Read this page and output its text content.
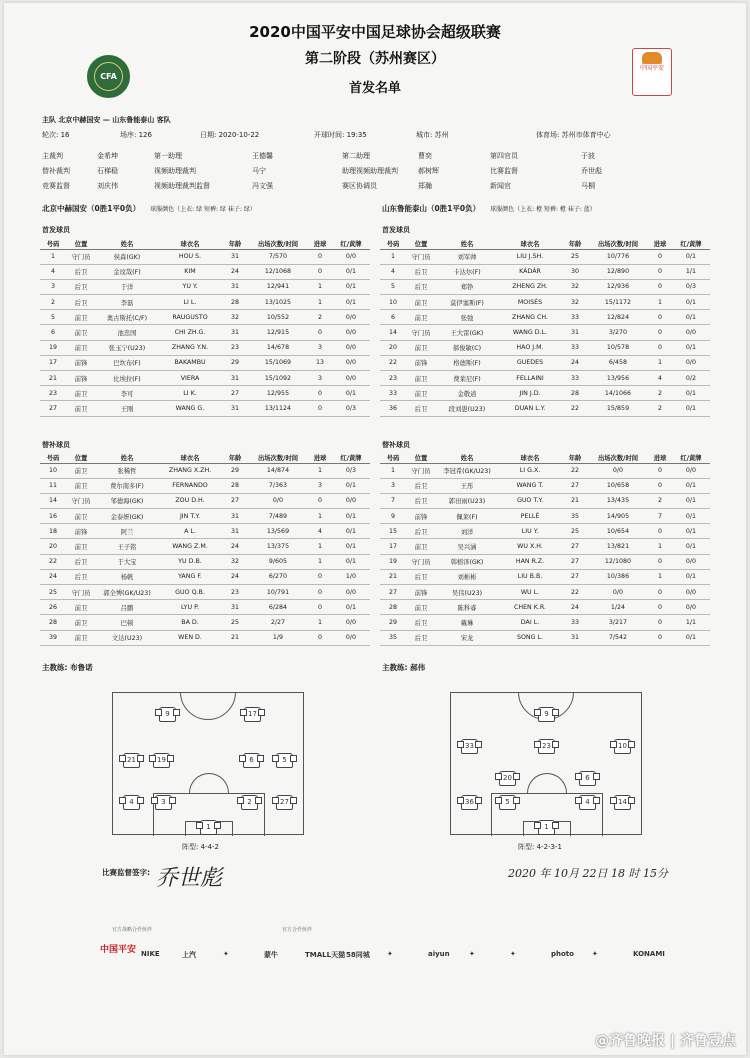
CFA
中国平安
2020中国平安中国足球协会超级联赛
第二阶段（苏州赛区）
首发名单
主队 北京中赫国安 — 山东鲁能泰山 客队
轮次: 16	场序: 126	日期: 2020-10-22	开球时间: 19:35	城市: 苏州	体育场: 苏州市体育中心
主裁判	金希坤	第一助理	王德馨	第二助理	曹奕	第四官员	于波
替补裁判	石梯稳	视频助理裁判	马宁	助理视频助理裁判	郝树辉	比赛监督	乔世彪
竞赛监督	刘庆伟	视频助理裁判监督	冯文强	赛区协调员	郑瀚	新闻官	马桐
北京中赫国安（0胜1平0负） 球服颜色（上衣: 绿 短裤: 绿 袜子: 绿）	山东鲁能泰山（0胜1平0负） 球服颜色（上衣: 橙 短裤: 橙 袜子: 蓝）
首发球员	首发球员
号码	位置	姓名	球衣名	年龄	出场次数/时间	进球	红/黄牌
1	守门员	侯森(GK)	HOU S.	31	7/570	0	0/0
4	后卫	金玟哉(F)	KIM	24	12/1068	0	0/1
3	后卫	于洋	YU Y.	31	12/941	1	0/1
2	后卫	李磊	LI L.	28	13/1025	1	0/1
5	前卫	奥古斯托(C/F)	RAUGUSTO	32	10/552	2	0/0
6	前卫	池忠国	CHI ZH.G.	31	12/915	0	0/0
19	前卫	张玉宁(U23)	ZHANG Y.N.	23	14/678	3	0/0
17	前锋	巴坎布(F)	BAKAMBU	29	15/1069	13	0/0
21	前锋	比埃拉(F)	VIERA	31	15/1092	3	0/0
23	前卫	李可	LI K.	27	12/955	0	0/1
27	前卫	王刚	WANG G.	31	13/1124	0	0/3
号码	位置	姓名	球衣名	年龄	出场次数/时间	进球	红/黄牌
1	守门员	刘军帅	LIU J.SH.	25	10/776	0	0/1
4	后卫	卡达尔(F)	KÁDÁR	30	12/890	0	1/1
5	后卫	郑铮	ZHENG ZH.	32	12/936	0	0/3
10	前卫	莫伊塞斯(F)	MOISÉS	32	15/1172	1	0/1
6	前卫	张弛	ZHANG CH.	33	12/824	0	0/1
14	守门员	王大雷(GK)	WANG D.L.	31	3/270	0	0/0
20	前卫	郝俊敏(C)	HAO J.M.	33	10/578	0	0/1
22	前锋	格德斯(F)	GUEDES	24	6/458	1	0/0
23	前卫	费莱尼(F)	FELLAINI	33	13/956	4	0/2
33	前卫	金敬道	JIN J.D.	28	14/1066	2	0/1
36	后卫	段刘愚(U23)	DUAN L.Y.	22	15/859	2	0/1
替补球员	替补球员
号码	位置	姓名	球衣名	年龄	出场次数/时间	进球	红/黄牌
10	前卫	张稀哲	ZHANG X.ZH.	29	14/874	1	0/3
11	前卫	费尔南多(F)	FERNANDO	28	7/363	3	0/1
14	守门员	邹德海(GK)	ZOU D.H.	27	0/0	0	0/0
16	前卫	金泰妍(GK)	JIN T.Y.	31	7/489	1	0/1
18	前锋	阿兰	A L.	31	13/569	4	0/1
20	前卫	王子铭	WANG Z.M.	24	13/375	1	0/1
22	后卫	于大宝	YU D.B.	32	9/605	1	0/1
24	后卫	杨帆	YANG F.	24	6/270	0	1/0
25	守门员	郭全博(GK/U23)	GUO Q.B.	23	10/791	0	0/0
26	前卫	吕鹏	LYU P.	31	6/284	0	0/1
28	前卫	巴顿	BA D.	25	2/27	1	0/0
39	前卫	文达(U23)	WEN D.	21	1/9	0	0/0
号码	位置	姓名	球衣名	年龄	出场次数/时间	进球	红/黄牌
1	守门员	李冠希(GK/U23)	LI G.X.	22	0/0	0	0/0
3	后卫	王彤	WANG T.	27	10/658	0	0/1
7	后卫	郭田雨(U23)	GUO T.Y.	21	13/435	2	0/1
9	前锋	佩莱(F)	PELLÈ	35	14/905	7	0/1
15	后卫	刘洋	LIU Y.	25	10/654	0	0/1
17	前卫	吴兴涵	WU X.H.	27	13/821	1	0/1
19	守门员	韩榕泽(GK)	HAN R.Z.	27	12/1080	0	0/0
21	后卫	刘彬彬	LIU B.B.	27	10/386	1	0/1
27	前锋	吴伟(U23)	WU L.	22	0/0	0	0/0
28	前卫	陈科睿	CHEN K.R.	24	1/24	0	0/0
29	后卫	戴琳	DAI L.	33	3/217	0	1/1
35	后卫	宋龙	SONG L.	31	7/542	0	0/1
主教练: 布鲁诺	主教练: 郝伟
9	17
21	19	6	5
4	3	2	27
1
阵型: 4-4-2
9
33	23	10
20	6
36	5	4	14
1
阵型: 4-2-3-1
比赛监督签字: 乔世彪	2020 年 10月 22日 18 时 15分
官方战略合作伙伴	官方合作伙伴
中国平安 NIKE	上汽	✦	蒙牛	TMALL天猫 58同城 ✦	aiyun	✦	✦	photo	✦	KONAMI
@齐鲁晚报 | 齐鲁壹点
